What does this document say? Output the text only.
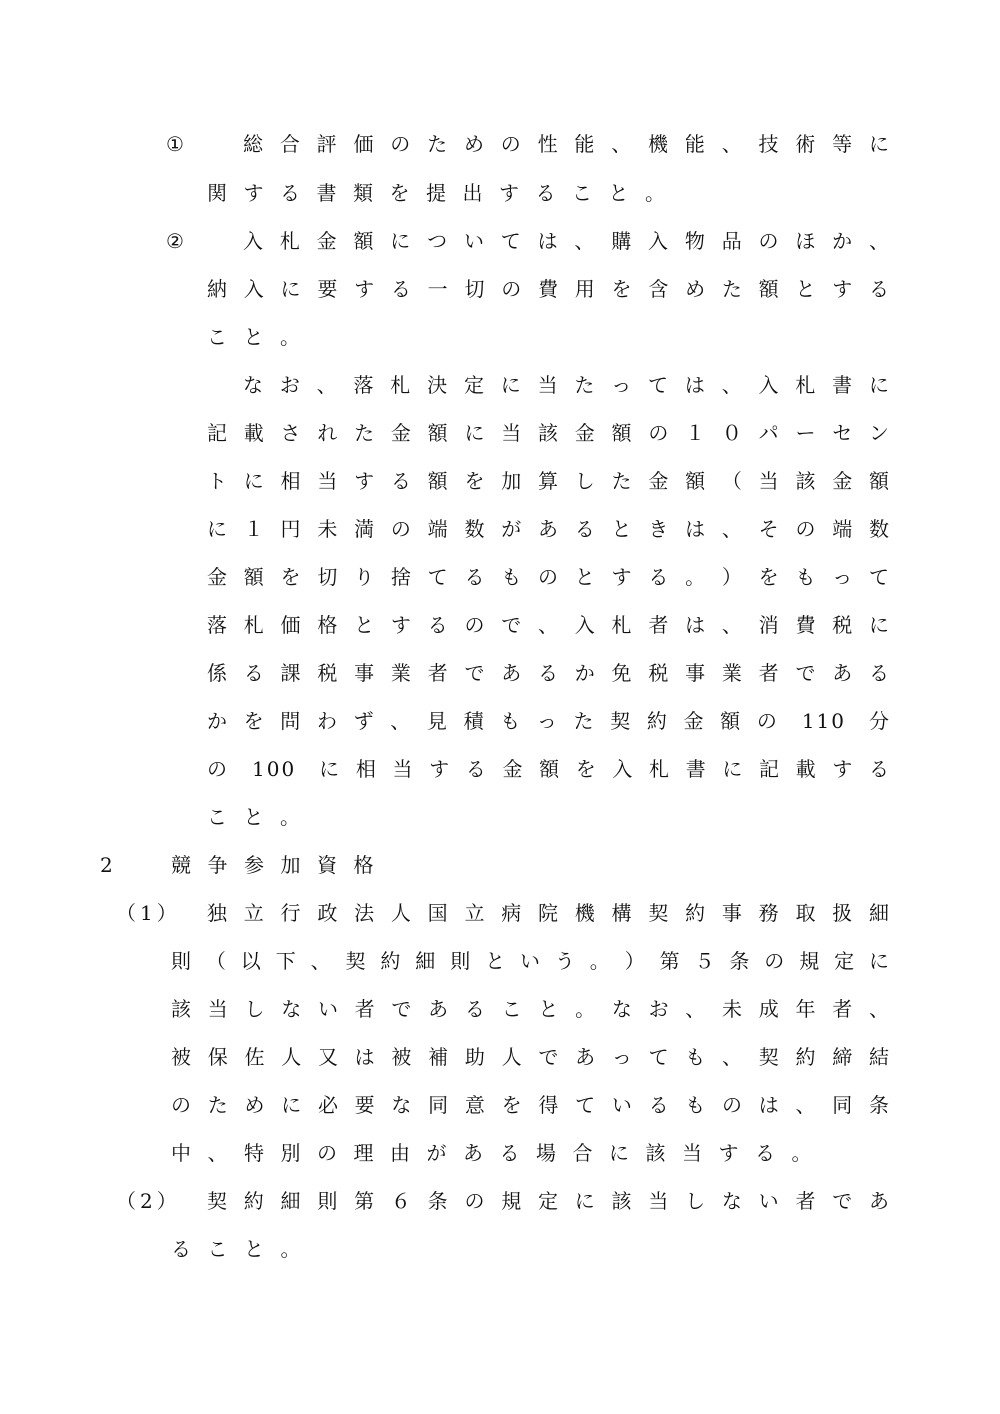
①	総 合 評 価 の た め の 性 能 、 機 能 、 技 術 等 に
関する書類を提出すること。
②	入 札 金 額 に つ い て は 、 購 入 物 品 の ほ か 、
納 入 に 要 す る 一 切 の 費 用 を 含 め た 額 と す る
こと。
な お 、 落 札 決 定 に 当 た っ て は 、 入 札 書 に
記 載 さ れ た 金 額 に 当 該 金 額 の １ ０ パ ー セ ン
ト に 相 当 す る 額 を 加 算 し た 金 額 （ 当 該 金 額
に １ 円 未 満 の 端 数 が あ る と き は 、 そ の 端 数
金 額 を 切 り 捨 て る も の と す る 。 ） を も っ て
落 札 価 格 と す る の で 、 入 札 者 は 、 消 費 税 に
係 る 課 税 事 業 者 で あ る か 免 税 事 業 者 で あ る
か を 問 わ ず 、 見 積 も っ た 契 約 金 額 の   1 1 0   分
の   1 0 0   に 相 当 す る 金 額 を 入 札 書 に 記 載 す る
こと。
2	競争参加資格
（1） 独 立 行 政 法 人 国 立 病 院 機 構 契 約 事 務 取 扱 細
則 （ 以 下 、 契 約 細 則 と い う 。 ） 第 ５ 条 の 規 定 に
該 当 し な い 者 で あ る こ と 。 な お 、 未 成 年 者 、
被 保 佐 人 又 は 被 補 助 人 で あ っ て も 、 契 約 締 結
の た め に 必 要 な 同 意 を 得 て い る も の は 、 同 条
中、特別の理由がある場合に該当する。
（2） 契 約 細 則 第 ６ 条 の 規 定 に 該 当 し な い 者 で あ
ること。
